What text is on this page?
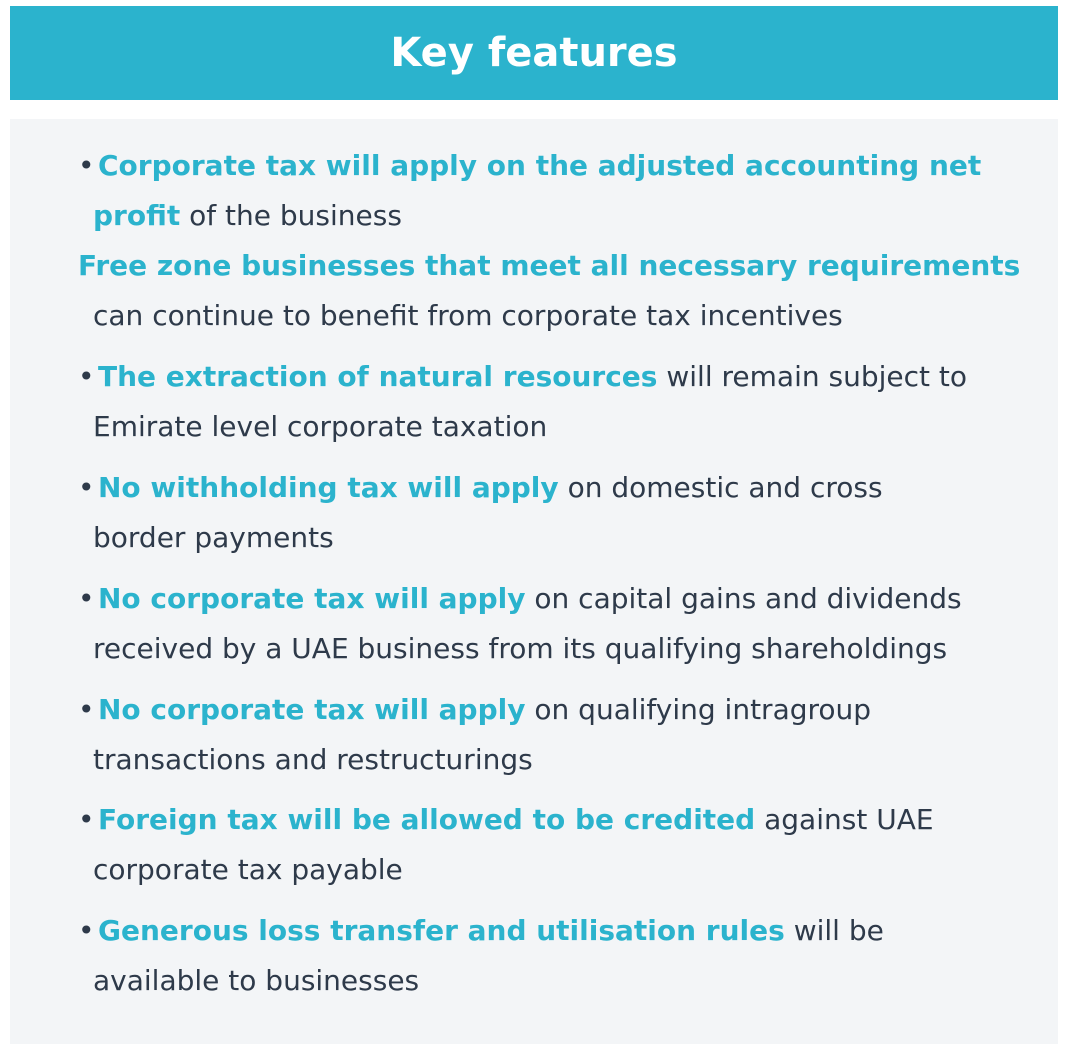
Key features
• Corporate tax will apply on the adjusted accounting net
profit of the business
Free zone businesses that meet all necessary requirements
can continue to benefit from corporate tax incentives
• The extraction of natural resources will remain subject to
Emirate level corporate taxation
• No withholding tax will apply on domestic and cross
border payments
• No corporate tax will apply on capital gains and dividends
received by a UAE business from its qualifying shareholdings
• No corporate tax will apply on qualifying intragroup
transactions and restructurings
• Foreign tax will be allowed to be credited against UAE
corporate tax payable
• Generous loss transfer and utilisation rules will be
available to businesses
